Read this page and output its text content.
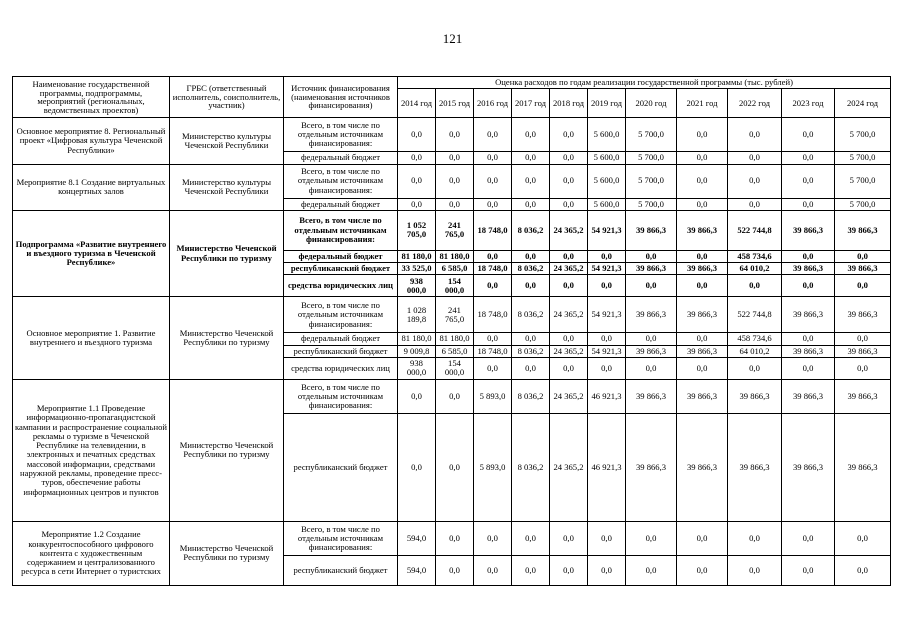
121
Наименование государственной программы, подпрограммы, мероприятий (региональных, ведомственных проектов)	ГРБС (ответственный исполнитель, соисполнитель, участник)	Источник финансирования (наименования источников финансирования)	Оценка расходов по годам реализации государственной программы (тыс. рублей)										
			2014 год	2015 год	2016 год	2017 год	2018 год	2019 год	2020 год	2021 год	2022 год	2023 год	2024 год
Основное мероприятие 8. Региональный проект «Цифровая культура Чеченской Республики»	Министерство культуры Чеченской Республики	Всего, в том числе по отдельным источникам финансирования:	0,0	0,0	0,0	0,0	0,0	5 600,0	5 700,0	0,0	0,0	0,0	5 700,0
		федеральный бюджет	0,0	0,0	0,0	0,0	0,0	5 600,0	5 700,0	0,0	0,0	0,0	5 700,0
Мероприятие 8.1 Создание виртуальных концертных залов	Министерство культуры Чеченской Республики	Всего, в том числе по отдельным источникам финансирования:	0,0	0,0	0,0	0,0	0,0	5 600,0	5 700,0	0,0	0,0	0,0	5 700,0
		федеральный бюджет	0,0	0,0	0,0	0,0	0,0	5 600,0	5 700,0	0,0	0,0	0,0	5 700,0
Подпрограмма «Развитие внутреннего и въездного туризма в Чеченской Республике»	Министерство Чеченской Республики по туризму	Всего, в том числе по отдельным источникам финансирования:	1 052 705,0	241 765,0	18 748,0	8 036,2	24 365,2	54 921,3	39 866,3	39 866,3	522 744,8	39 866,3	39 866,3
		федеральный бюджет	81 180,0	81 180,0	0,0	0,0	0,0	0,0	0,0	0,0	458 734,6	0,0	0,0
		республиканский бюджет	33 525,0	6 585,0	18 748,0	8 036,2	24 365,2	54 921,3	39 866,3	39 866,3	64 010,2	39 866,3	39 866,3
		средства юридических лиц	938 000,0	154 000,0	0,0	0,0	0,0	0,0	0,0	0,0	0,0	0,0	0,0
Основное мероприятие 1. Развитие внутреннего и въездного туризма	Министерство Чеченской Республики по туризму	Всего, в том числе по отдельным источникам финансирования:	1 028 189,8	241 765,0	18 748,0	8 036,2	24 365,2	54 921,3	39 866,3	39 866,3	522 744,8	39 866,3	39 866,3
		федеральный бюджет	81 180,0	81 180,0	0,0	0,0	0,0	0,0	0,0	0,0	458 734,6	0,0	0,0
		республиканский бюджет	9 009,8	6 585,0	18 748,0	8 036,2	24 365,2	54 921,3	39 866,3	39 866,3	64 010,2	39 866,3	39 866,3
		средства юридических лиц	938 000,0	154 000,0	0,0	0,0	0,0	0,0	0,0	0,0	0,0	0,0	0,0
Мероприятие 1.1 Проведение информационно-пропагандистской кампании и распространение социальной рекламы о туризме в Чеченской Республике на телевидении, в электронных и печатных средствах массовой информации, средствами наружной рекламы, проведение пресс-туров, обеспечение работы информационных центров и пунктов	Министерство Чеченской Республики по туризму	Всего, в том числе по отдельным источникам финансирования:	0,0	0,0	5 893,0	8 036,2	24 365,2	46 921,3	39 866,3	39 866,3	39 866,3	39 866,3	39 866,3
		республиканский бюджет	0,0	0,0	5 893,0	8 036,2	24 365,2	46 921,3	39 866,3	39 866,3	39 866,3	39 866,3	39 866,3
Мероприятие 1.2 Создание конкурентоспособного цифрового контента с художественным содержанием и централизованного ресурса в сети Интернет о туристских	Министерство Чеченской Республики по туризму	Всего, в том числе по отдельным источникам финансирования:	594,0	0,0	0,0	0,0	0,0	0,0	0,0	0,0	0,0	0,0	0,0
		республиканский бюджет	594,0	0,0	0,0	0,0	0,0	0,0	0,0	0,0	0,0	0,0	0,0
